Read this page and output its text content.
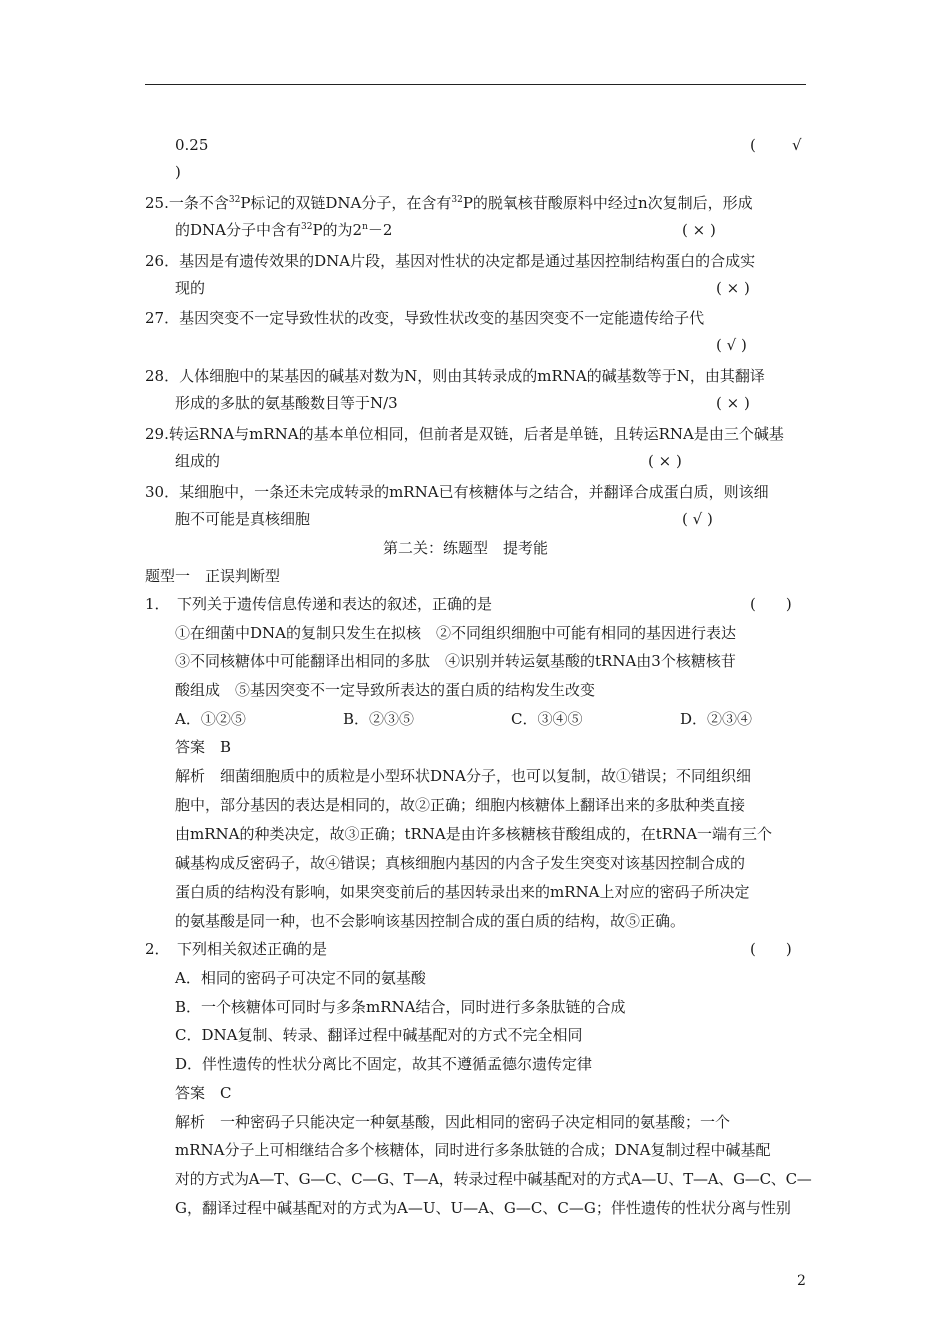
0.25	( √
)
25.一条不含$^{32}$P标记的双链DNA分子，在含有$^{32}$P的脱氧核苷酸原料中经过n次复制后，形成
的DNA分子中含有$^{32}$P的为$2^n-2$	( × )
26．基因是有遗传效果的DNA片段，基因对性状的决定都是通过基因控制结构蛋白的合成实
现的	( × )
27．基因突变不一定导致性状的改变，导致性状改变的基因突变不一定能遗传给子代
( √ )
28．人体细胞中的某基因的碱基对数为N，则由其转录成的mRNA的碱基数等于N，由其翻译
形成的多肽的氨基酸数目等于N/3	( × )
29.转运RNA与mRNA的基本单位相同，但前者是双链，后者是单链，且转运RNA是由三个碱基
组成的	( × )
30．某细胞中，一条还未完成转录的mRNA已有核糖体与之结合，并翻译合成蛋白质，则该细
胞不可能是真核细胞	( √ )
第二关：练题型　提考能
题型一　正误判断型
1．　下列关于遗传信息传递和表达的叙述，正确的是	(　　)
①在细菌中DNA的复制只发生在拟核　②不同组织细胞中可能有相同的基因进行表达
③不同核糖体中可能翻译出相同的多肽　④识别并转运氨基酸的tRNA由3个核糖核苷
酸组成　⑤基因突变不一定导致所表达的蛋白质的结构发生改变
A．①②⑤	B．②③⑤	C．③④⑤	D．②③④
答案　B
解析　细菌细胞质中的质粒是小型环状DNA分子，也可以复制，故①错误；不同组织细
胞中，部分基因的表达是相同的，故②正确；细胞内核糖体上翻译出来的多肽种类直接
由mRNA的种类决定，故③正确；tRNA是由许多核糖核苷酸组成的，在tRNA一端有三个
碱基构成反密码子，故④错误；真核细胞内基因的内含子发生突变对该基因控制合成的
蛋白质的结构没有影响，如果突变前后的基因转录出来的mRNA上对应的密码子所决定
的氨基酸是同一种，也不会影响该基因控制合成的蛋白质的结构，故⑤正确。
2．　下列相关叙述正确的是	(　　)
A．相同的密码子可决定不同的氨基酸
B．一个核糖体可同时与多条mRNA结合，同时进行多条肽链的合成
C．DNA复制、转录、翻译过程中碱基配对的方式不完全相同
D．伴性遗传的性状分离比不固定，故其不遵循孟德尔遗传定律
答案　C
解析　一种密码子只能决定一种氨基酸，因此相同的密码子决定相同的氨基酸；一个
mRNA分子上可相继结合多个核糖体，同时进行多条肽链的合成；DNA复制过程中碱基配
对的方式为A—T、G—C、C—G、T—A，转录过程中碱基配对的方式A—U、T—A、G—C、C—
G，翻译过程中碱基配对的方式为A—U、U—A、G—C、C—G；伴性遗传的性状分离与性别
2
